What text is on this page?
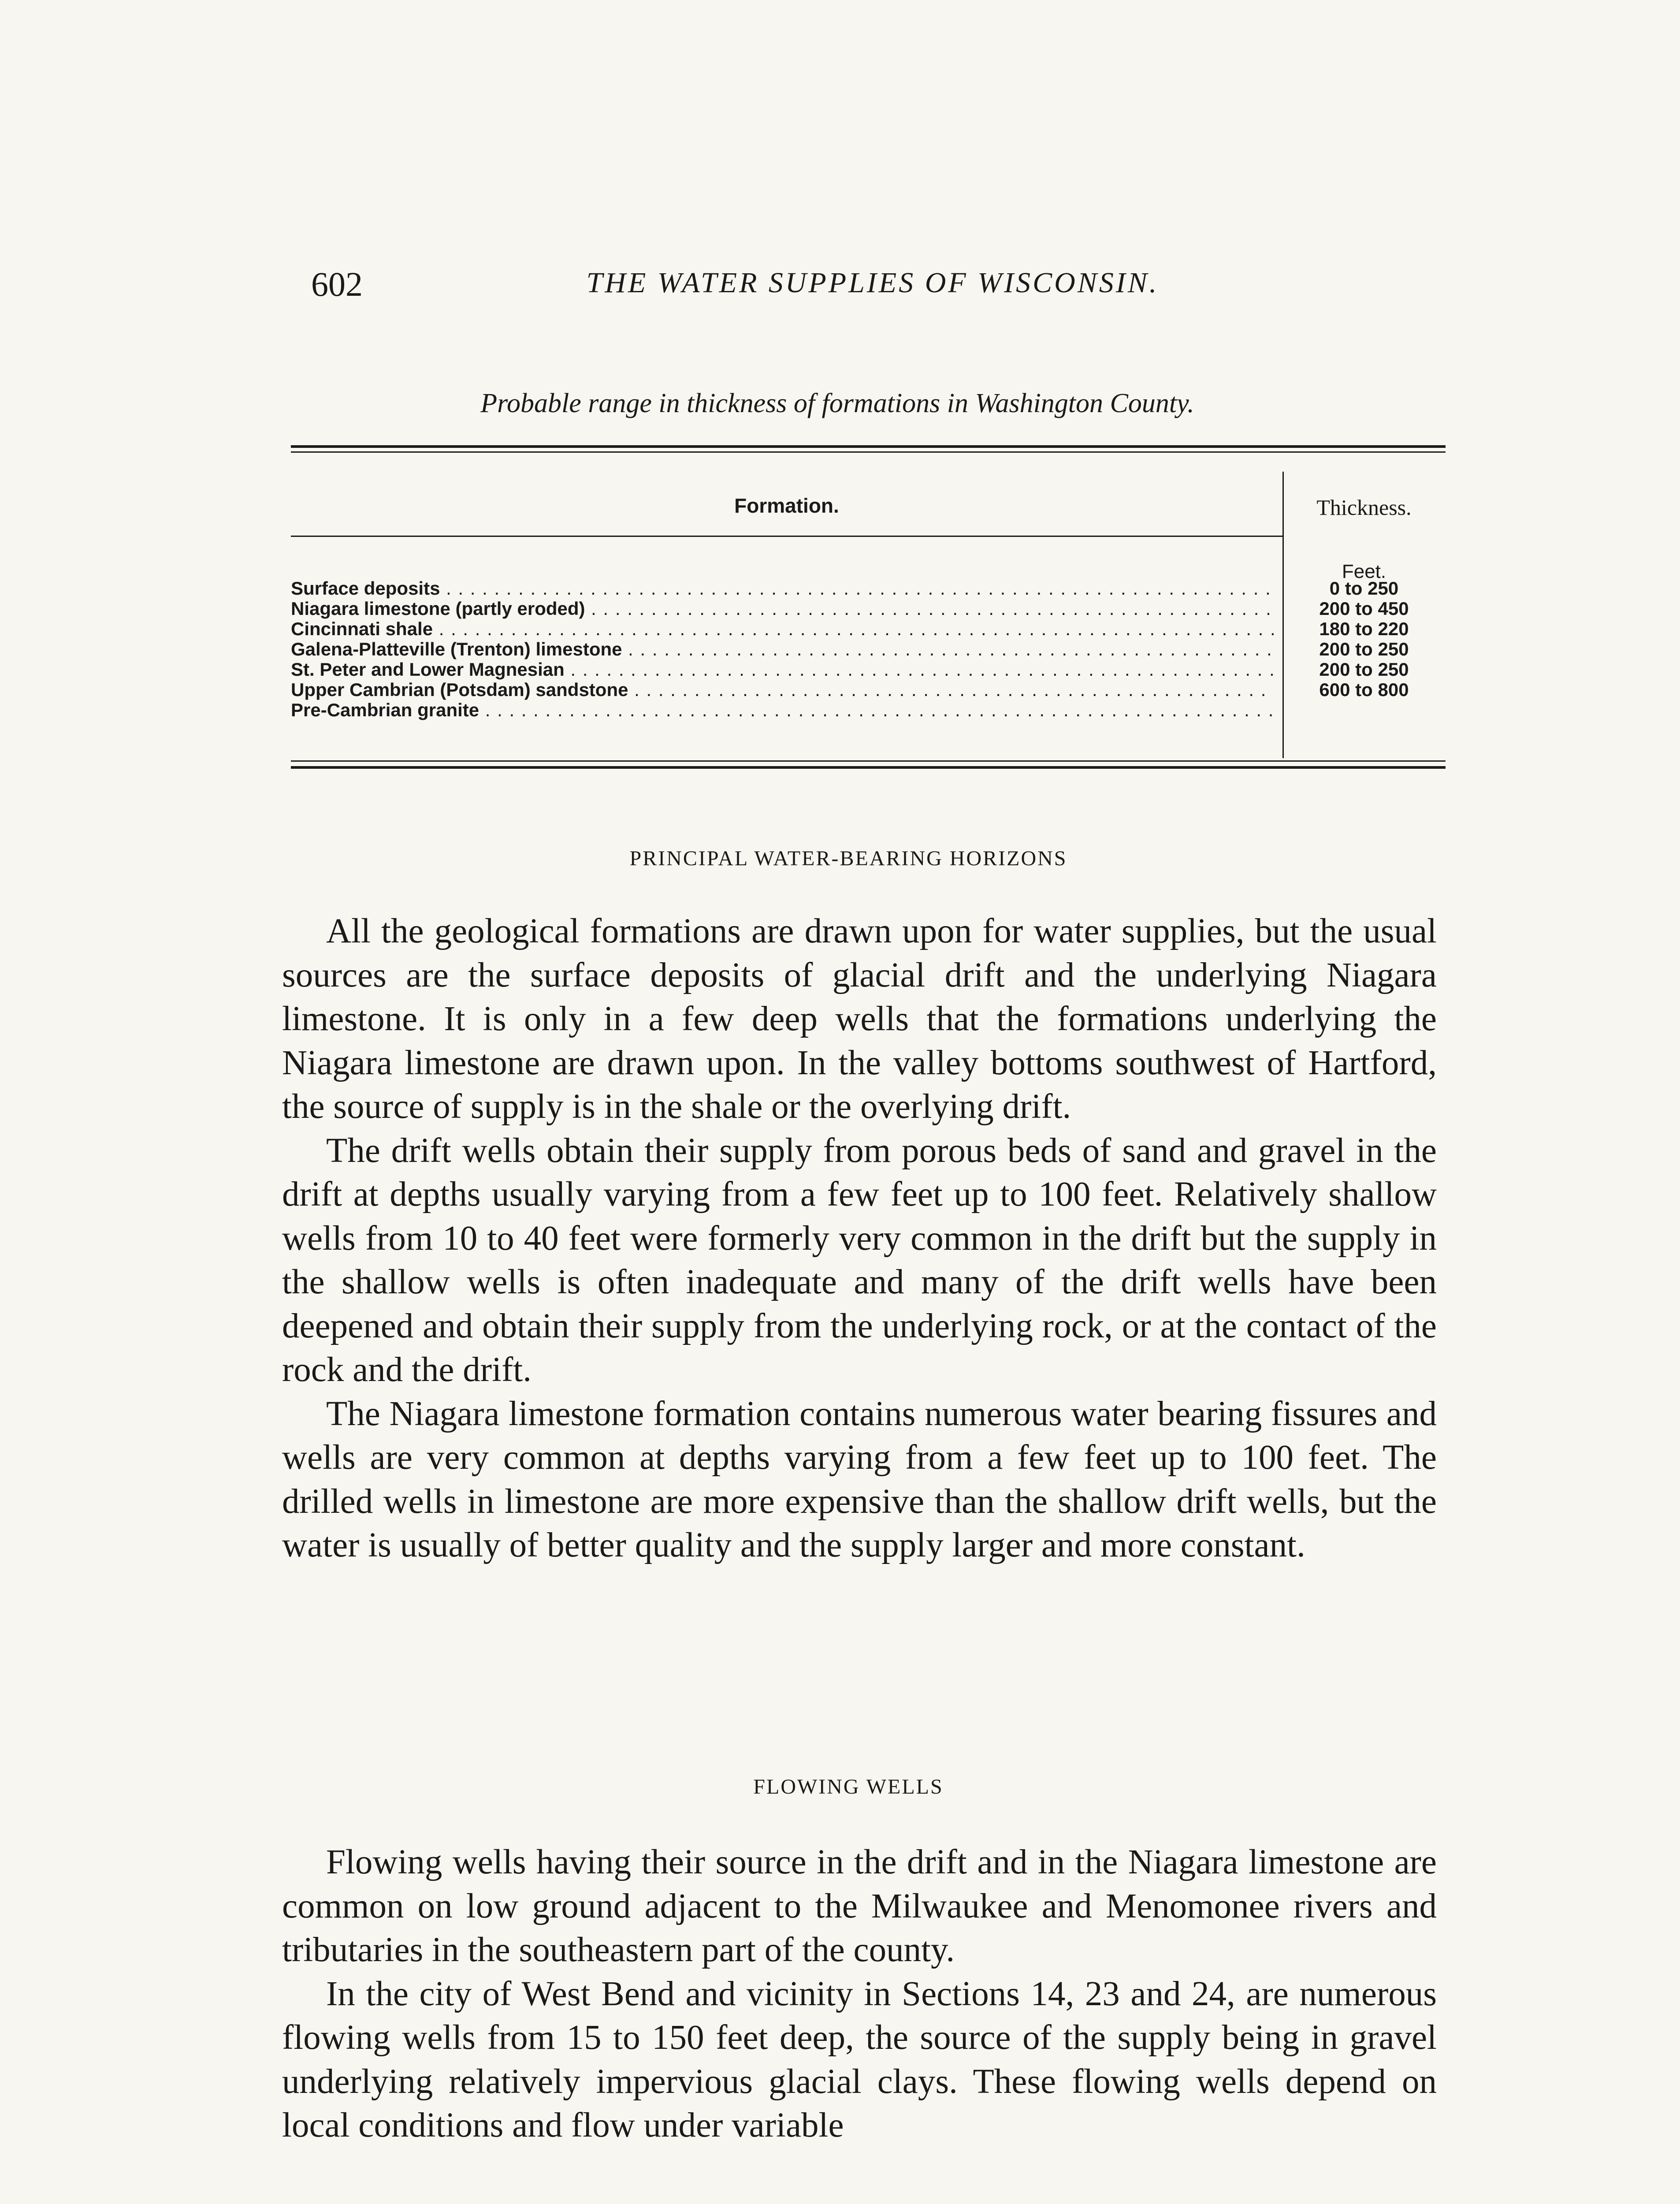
602	THE WATER SUPPLIES OF WISCONSIN.
Probable range in thickness of formations in Washington County.
Formation.	Thickness.
Feet.
Surface deposits . . .	0 to 250
Niagara limestone (partly eroded) . . .	200 to 450
Cincinnati shale . . .	180 to 220
Galena-Platteville (Trenton) limestone . . .	200 to 250
St. Peter and Lower Magnesian . . .	200 to 250
Upper Cambrian (Potsdam) sandstone . . .	600 to 800
Pre-Cambrian granite . . .
PRINCIPAL WATER-BEARING HORIZONS

All the geological formations are drawn upon for water supplies, but the usual sources are the surface deposits of glacial drift and the underlying Niagara limestone. It is only in a few deep wells that the formations underlying the Niagara limestone are drawn upon. In the valley bottoms southwest of Hartford, the source of supply is in the shale or the overlying drift.

The drift wells obtain their supply from porous beds of sand and gravel in the drift at depths usually varying from a few feet up to 100 feet. Relatively shallow wells from 10 to 40 feet were formerly very common in the drift but the supply in the shallow wells is often inadequate and many of the drift wells have been deepened and obtain their supply from the underlying rock, or at the contact of the rock and the drift.

The Niagara limestone formation contains numerous water bearing fissures and wells are very common at depths varying from a few feet up to 100 feet. The drilled wells in limestone are more expensive than the shallow drift wells, but the water is usually of better quality and the supply larger and more constant.

FLOWING WELLS

Flowing wells having their source in the drift and in the Niagara limestone are common on low ground adjacent to the Milwaukee and Menomonee rivers and tributaries in the southeastern part of the county.

In the city of West Bend and vicinity in Sections 14, 23 and 24, are numerous flowing wells from 15 to 150 feet deep, the source of the supply being in gravel underlying relatively impervious glacial clays. These flowing wells depend on local conditions and flow under variable
